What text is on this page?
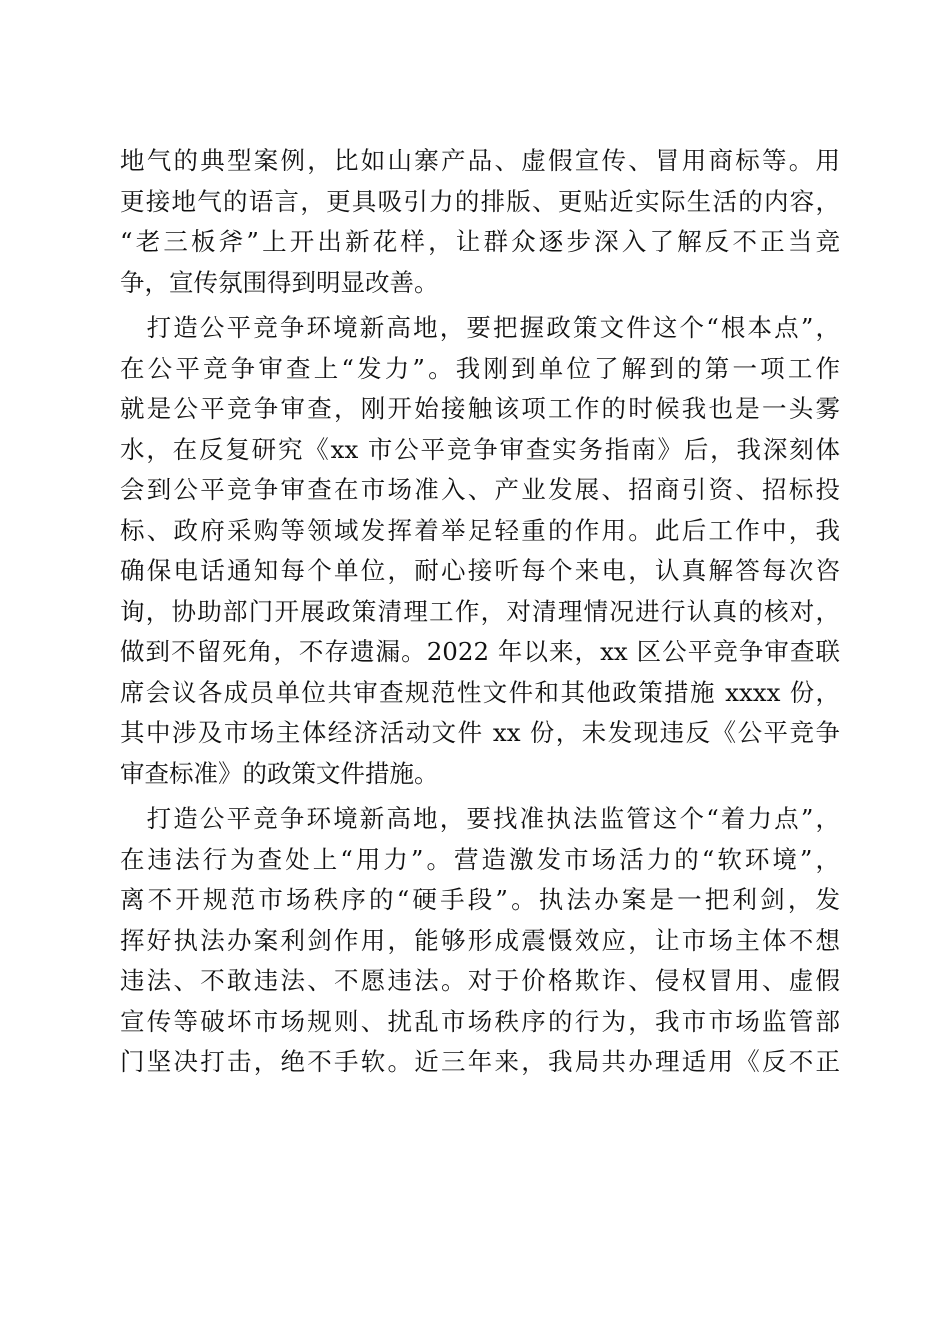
地气的典型案例，比如山寨产品、虚假宣传、冒用商标等。用
更接地气的语言，更具吸引力的排版、更贴近实际生活的内容，
“老三板斧”上开出新花样，让群众逐步深入了解反不正当竞
争，宣传氛围得到明显改善。
　打造公平竞争环境新高地，要把握政策文件这个“根本点”，
在公平竞争审查上“发力”。我刚到单位了解到的第一项工作
就是公平竞争审查，刚开始接触该项工作的时候我也是一头雾
水，在反复研究《xx 市公平竞争审查实务指南》后，我深刻体
会到公平竞争审查在市场准入、产业发展、招商引资、招标投
标、政府采购等领域发挥着举足轻重的作用。此后工作中，我
确保电话通知每个单位，耐心接听每个来电，认真解答每次咨
询，协助部门开展政策清理工作，对清理情况进行认真的核对，
做到不留死角，不存遗漏。2022 年以来，xx 区公平竞争审查联
席会议各成员单位共审查规范性文件和其他政策措施 xxxx 份，
其中涉及市场主体经济活动文件 xx 份，未发现违反《公平竞争
审查标准》的政策文件措施。
　打造公平竞争环境新高地，要找准执法监管这个“着力点”，
在违法行为查处上“用力”。营造激发市场活力的“软环境”，
离不开规范市场秩序的“硬手段”。执法办案是一把利剑，发
挥好执法办案利剑作用，能够形成震慑效应，让市场主体不想
违法、不敢违法、不愿违法。对于价格欺诈、侵权冒用、虚假
宣传等破坏市场规则、扰乱市场秩序的行为，我市市场监管部
门坚决打击，绝不手软。近三年来，我局共办理适用《反不正
